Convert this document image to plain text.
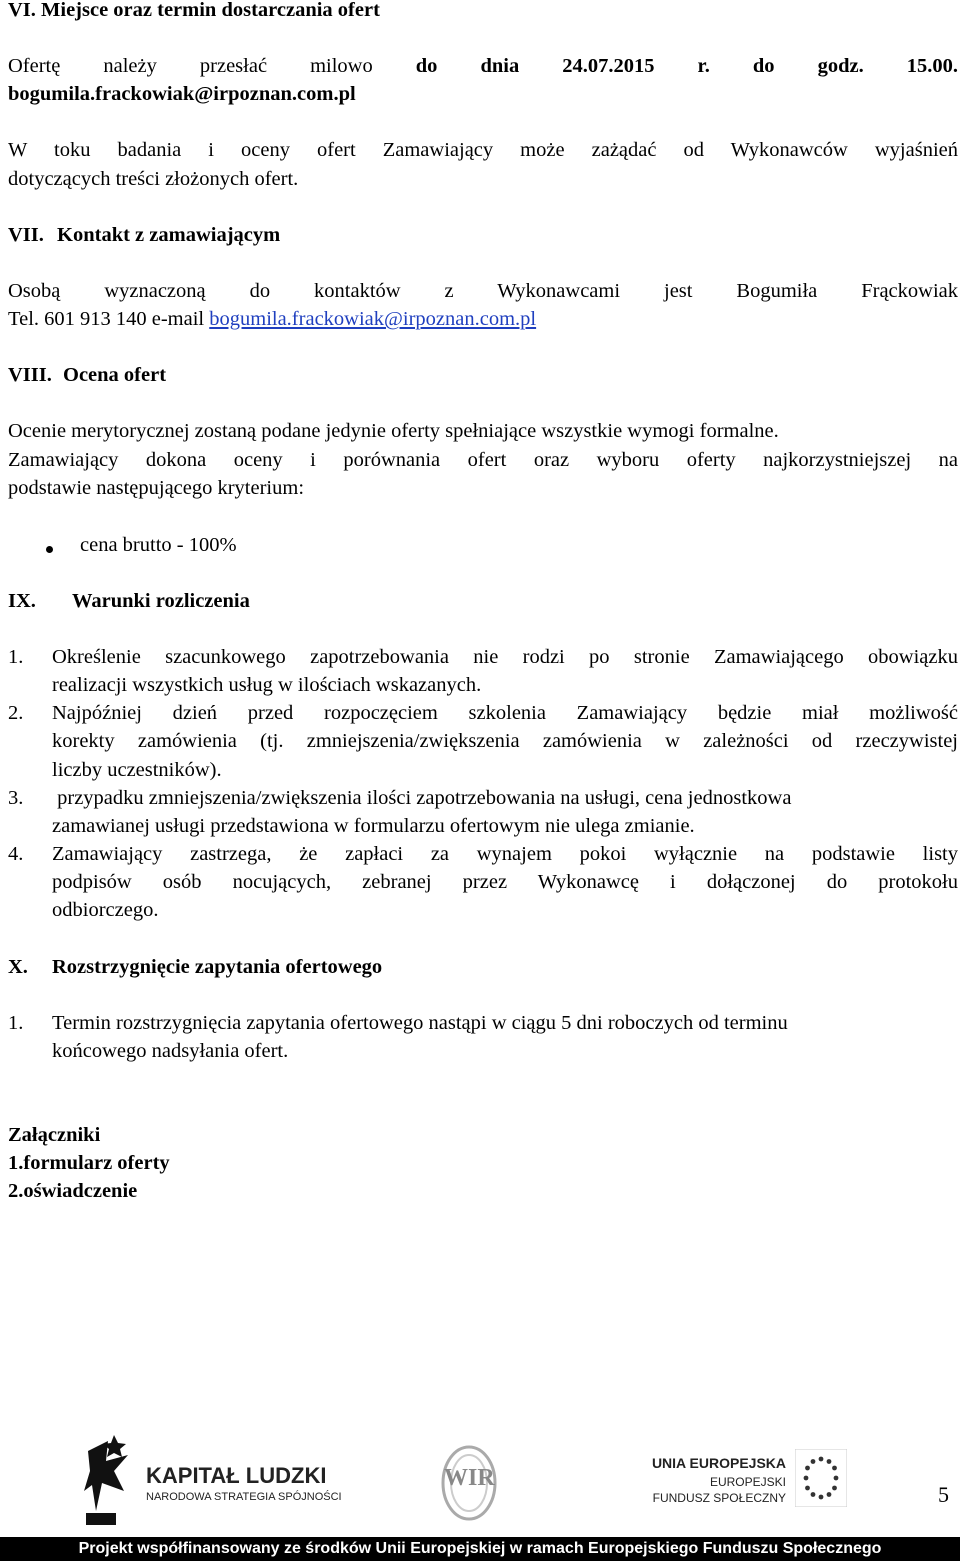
VI. Miejsce oraz termin dostarczania ofert
Ofertę należy przesłać milowo do dnia 24.07.2015 r. do godz. 15.00.
bogumila.frackowiak@irpoznan.com.pl
W toku badania i oceny ofert Zamawiający może zażądać od Wykonawców wyjaśnień
dotyczących treści złożonych ofert.
VII. Kontakt z zamawiającym
Osobą wyznaczoną do kontaktów z Wykonawcami jest Bogumiła Frąckowiak
Tel. 601 913 140 e-mail bogumila.frackowiak@irpoznan.com.pl
VIII. Ocena ofert
Ocenie merytorycznej zostaną podane jedynie oferty spełniające wszystkie wymogi formalne.
Zamawiający dokona oceny i porównania ofert oraz wyboru oferty najkorzystniejszej na
podstawie następującego kryterium:
cena brutto - 100%
IX. Warunki rozliczenia
1. Określenie szacunkowego zapotrzebowania nie rodzi po stronie Zamawiającego obowiązku
realizacji wszystkich usług w ilościach wskazanych.
2. Najpóźniej dzień przed rozpoczęciem szkolenia Zamawiający będzie miał możliwość
korekty zamówienia (tj. zmniejszenia/zwiększenia zamówienia w zależności od rzeczywistej
liczby uczestników).
3. przypadku zmniejszenia/zwiększenia ilości zapotrzebowania na usługi, cena jednostkowa
zamawianej usługi przedstawiona w formularzu ofertowym nie ulega zmianie.
4. Zamawiający zastrzega, że zapłaci za wynajem pokoi wyłącznie na podstawie listy
podpisów osób nocujących, zebranej przez Wykonawcę i dołączonej do protokołu
odbiorczego.
X. Rozstrzygnięcie zapytania ofertowego
1. Termin rozstrzygnięcia zapytania ofertowego nastąpi w ciągu 5 dni roboczych od terminu
końcowego nadsyłania ofert.
Załączniki
1.formularz oferty
2.oświadczenie
KAPITAŁ LUDZKI
NARODOWA STRATEGIA SPÓJNOŚCI
WIR
UNIA EUROPEJSKA
EUROPEJSKI
FUNDUSZ SPOŁECZNY	5
Projekt współfinansowany ze środków Unii Europejskiej w ramach Europejskiego Funduszu Społecznego
